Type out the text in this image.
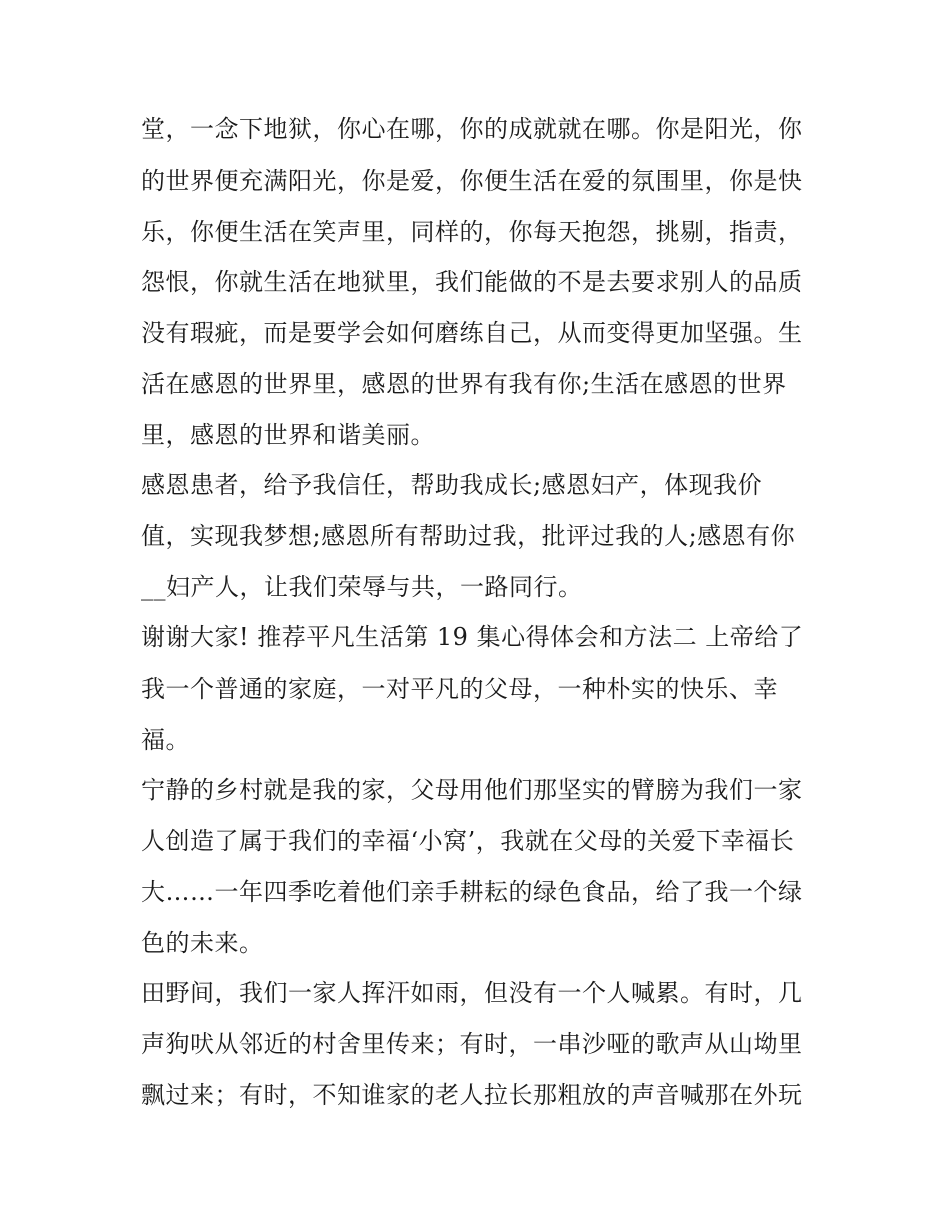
堂，一念下地狱，你心在哪，你的成就就在哪。你是阳光，你
的世界便充满阳光，你是爱，你便生活在爱的氛围里，你是快
乐，你便生活在笑声里，同样的，你每天抱怨，挑剔，指责，
怨恨，你就生活在地狱里，我们能做的不是去要求别人的品质
没有瑕疵，而是要学会如何磨练自己，从而变得更加坚强。生
活在感恩的世界里，感恩的世界有我有你;生活在感恩的世界
里，感恩的世界和谐美丽。
感恩患者，给予我信任，帮助我成长;感恩妇产，体现我价
值，实现我梦想;感恩所有帮助过我，批评过我的人;感恩有你
__妇产人，让我们荣辱与共，一路同行。
谢谢大家! 推荐平凡生活第 19 集心得体会和方法二 上帝给了
我一个普通的家庭，一对平凡的父母，一种朴实的快乐、幸
福。
宁静的乡村就是我的家，父母用他们那坚实的臂膀为我们一家
人创造了属于我们的幸福‘小窝’，我就在父母的关爱下幸福长
大……一年四季吃着他们亲手耕耘的绿色食品，给了我一个绿
色的未来。
田野间，我们一家人挥汗如雨，但没有一个人喊累。有时，几
声狗吠从邻近的村舍里传来；有时，一串沙哑的歌声从山坳里
飘过来；有时，不知谁家的老人拉长那粗放的声音喊那在外玩
